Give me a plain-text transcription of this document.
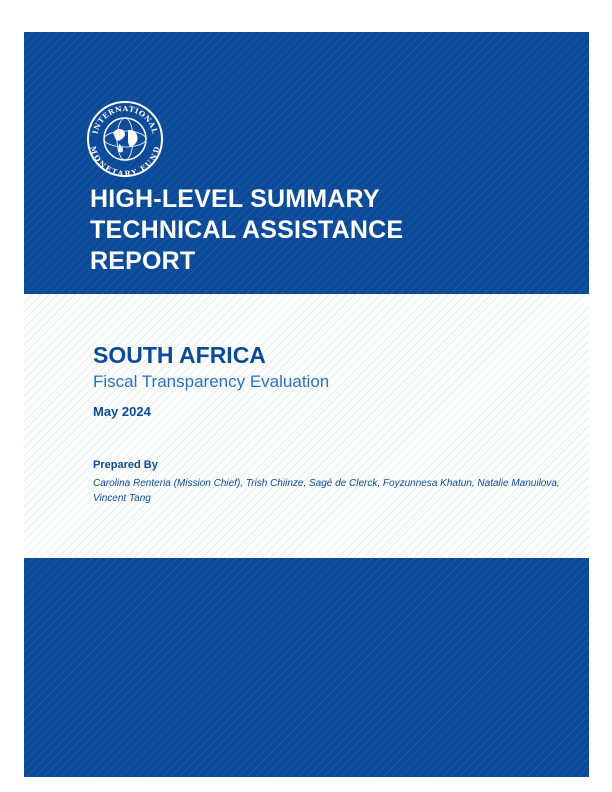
INTERNATIONAL
MONETARY FUND
HIGH-LEVEL SUMMARY
TECHNICAL ASSISTANCE
REPORT
SOUTH AFRICA

Fiscal Transparency Evaluation

May 2024

Prepared By

Carolina Renteria (Mission Chief), Trish Chiinze, Sagé de Clerck, Foyzunnesa Khatun, Natalie Manuilova, Vincent Tang
